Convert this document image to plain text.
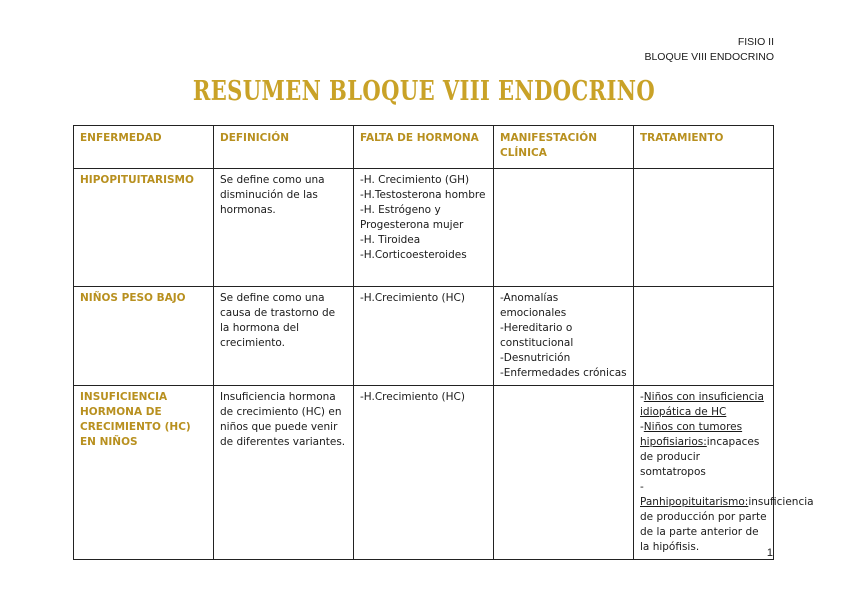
FISIO II
BLOQUE VIII ENDOCRINO
RESUMEN BLOQUE VIII ENDOCRINO
ENFERMEDAD	DEFINICIÓN	FALTA DE HORMONA	MANIFESTACIÓN CLÍNICA	TRATAMIENTO
HIPOPITUITARISMO	Se define como una disminución de las hormonas.	-H. Crecimiento (GH)
-H.Testosterona hombre
-H. Estrógeno y Progesterona mujer
-H. Tiroidea
-H.Corticoesteroides		

NIÑOS PESO BAJO	Se define como una causa de trastorno de la hormona del crecimiento.	-H.Crecimiento (HC)	-Anomalías emocionales
-Hereditario o constitucional
-Desnutrición
-Enfermedades crónicas	

INSUFICIENCIA HORMONA DE CRECIMIENTO (HC) EN NIÑOS	Insuficiencia hormona de crecimiento (HC) en niños que puede venir de diferentes variantes.	-H.Crecimiento (HC)		-Niños con insuficiencia idiopática de HC
-Niños con tumores hipofisiarios:incapaces de producir somtatropos
-Panhipopituitarismo:insuficiencia de producción por parte de la parte anterior de la hipófisis.	1
